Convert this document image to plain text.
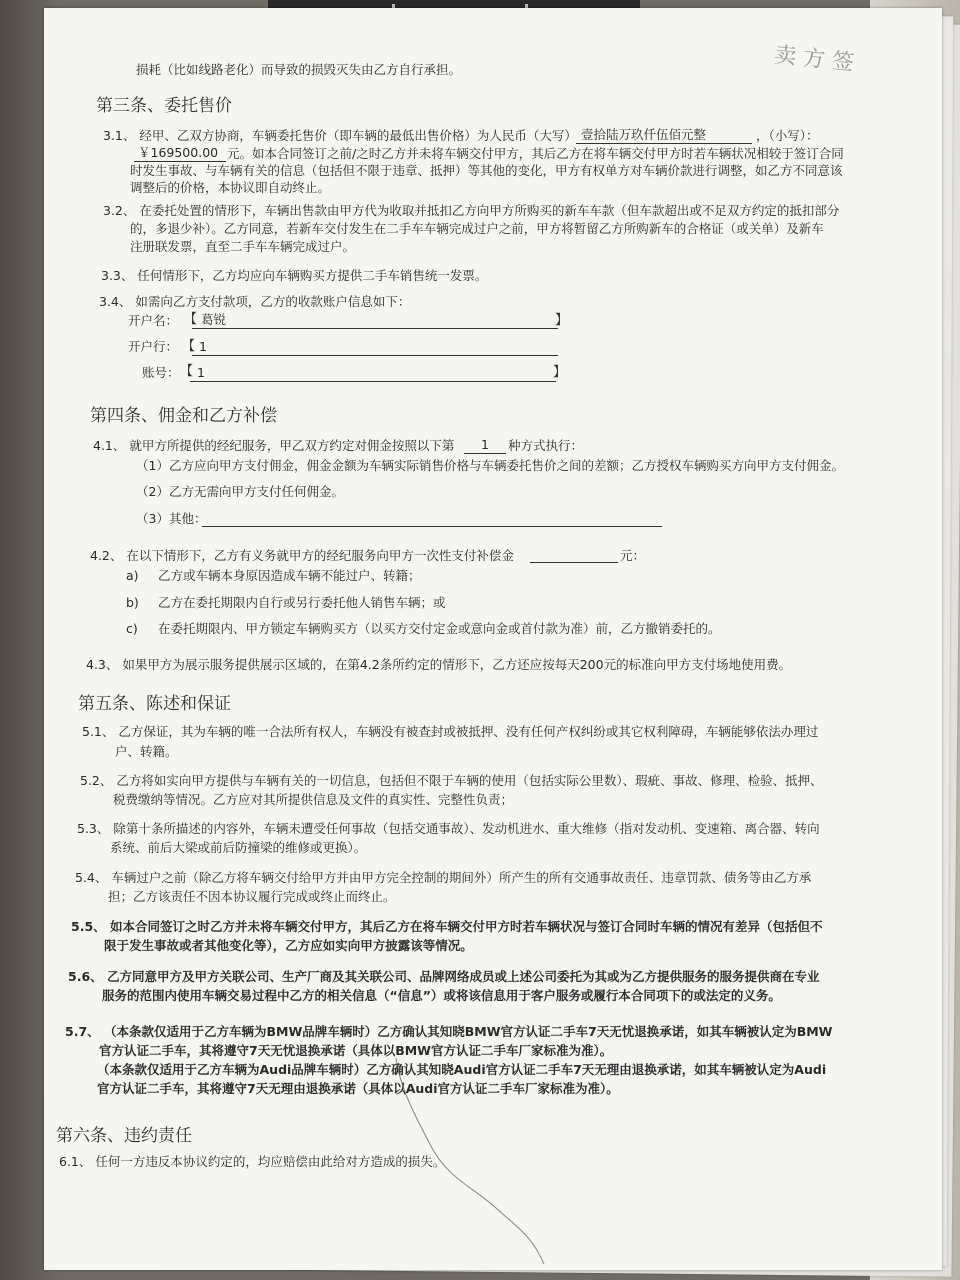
损耗（比如线路老化）而导致的损毁灭失由乙方自行承担。	卖 方 签
第三条、委托售价
3.1、 经甲、乙双方协商，车辆委托售价（即车辆的最低出售价格）为人民币（大写） 壹拾陆万玖仟伍佰元整	，（小写）：
￥169500.00 元。如本合同签订之前/之时乙方并未将车辆交付甲方，其后乙方在将车辆交付甲方时若车辆状况相较于签订合同
时发生事故、与车辆有关的信息（包括但不限于违章、抵押）等其他的变化，甲方有权单方对车辆价款进行调整，如乙方不同意该
调整后的价格，本协议即自动终止。
3.2、 在委托处置的情形下，车辆出售款由甲方代为收取并抵扣乙方向甲方所购买的新车车款（但车款超出或不足双方约定的抵扣部分
的，多退少补）。乙方同意，若新车交付发生在二手车车辆完成过户之前，甲方将暂留乙方所购新车的合格证（或关单）及新车
注册联发票，直至二手车车辆完成过户。
3.3、 任何情形下，乙方均应向车辆购买方提供二手车销售统一发票。
3.4、 如需向乙方支付款项，乙方的收款账户信息如下：
开户名： 【 葛锐	】
开户行： 【 1
账号： 【 1	】
第四条、佣金和乙方补偿
4.1、 就甲方所提供的经纪服务，甲乙双方约定对佣金按照以下第 1 种方式执行：
（1）乙方应向甲方支付佣金，佣金金额为车辆实际销售价格与车辆委托售价之间的差额；乙方授权车辆购买方向甲方支付佣金。
（2）乙方无需向甲方支付任何佣金。
（3）其他：
4.2、 在以下情形下，乙方有义务就甲方的经纪服务向甲方一次性支付补偿金	元：
a) 乙方或车辆本身原因造成车辆不能过户、转籍；
b) 乙方在委托期限内自行或另行委托他人销售车辆；或
c) 在委托期限内、甲方锁定车辆购买方（以买方交付定金或意向金或首付款为准）前，乙方撤销委托的。
4.3、 如果甲方为展示服务提供展示区域的，在第4.2条所约定的情形下，乙方还应按每天200元的标准向甲方支付场地使用费。
第五条、陈述和保证
5.1、 乙方保证，其为车辆的唯一合法所有权人，车辆没有被查封或被抵押、没有任何产权纠纷或其它权利障碍，车辆能够依法办理过
户、转籍。
5.2、 乙方将如实向甲方提供与车辆有关的一切信息，包括但不限于车辆的使用（包括实际公里数）、瑕疵、事故、修理、检验、抵押、
税费缴纳等情况。乙方应对其所提供信息及文件的真实性、完整性负责；
5.3、 除第十条所描述的内容外，车辆未遭受任何事故（包括交通事故）、发动机进水、重大维修（指对发动机、变速箱、离合器、转向
系统、前后大梁或前后防撞梁的维修或更换）。
5.4、 车辆过户之前（除乙方将车辆交付给甲方并由甲方完全控制的期间外）所产生的所有交通事故责任、违章罚款、债务等由乙方承
担；乙方该责任不因本协议履行完成或终止而终止。
5.5、 如本合同签订之时乙方并未将车辆交付甲方，其后乙方在将车辆交付甲方时若车辆状况与签订合同时车辆的情况有差异（包括但不
限于发生事故或者其他变化等），乙方应如实向甲方披露该等情况。
5.6、 乙方同意甲方及甲方关联公司、生产厂商及其关联公司、品牌网络成员或上述公司委托为其或为乙方提供服务的服务提供商在专业
服务的范围内使用车辆交易过程中乙方的相关信息（“信息”）或将该信息用于客户服务或履行本合同项下的或法定的义务。
5.7、 （本条款仅适用于乙方车辆为BMW品牌车辆时）乙方确认其知晓BMW官方认证二手车7天无忧退换承诺，如其车辆被认定为BMW
官方认证二手车，其将遵守7天无忧退换承诺（具体以BMW官方认证二手车厂家标准为准）。
（本条款仅适用于乙方车辆为Audi品牌车辆时）乙方确认其知晓Audi官方认证二手车7天无理由退换承诺，如其车辆被认定为Audi
官方认证二手车，其将遵守7天无理由退换承诺（具体以Audi官方认证二手车厂家标准为准）。
第六条、违约责任
6.1、 任何一方违反本协议约定的，均应赔偿由此给对方造成的损失。
